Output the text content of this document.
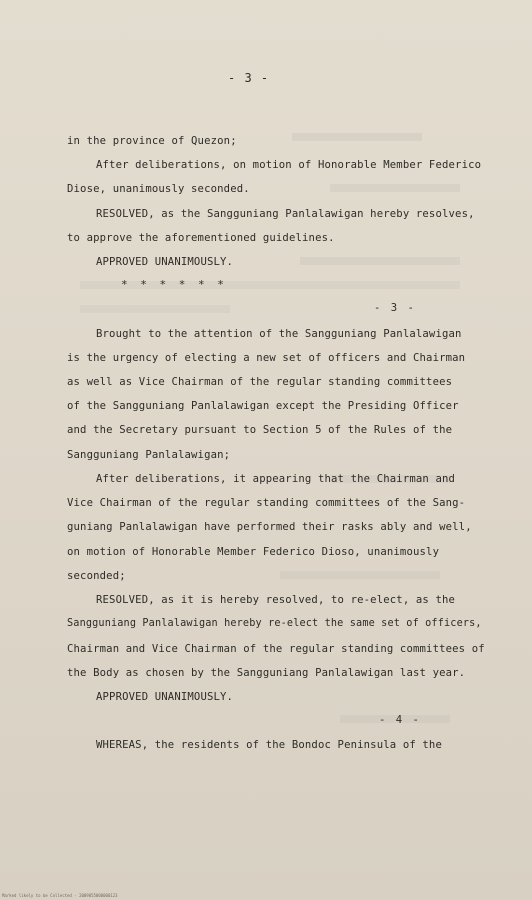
- 3 -
in the province of Quezon;
After deliberations, on motion of Honorable Member Federico
Diose, unanimously seconded.
RESOLVED, as the Sangguniang Panlalawigan hereby resolves,
to approve the aforementioned guidelines.
APPROVED UNANIMOUSLY.
* * * * * *
- 3 -
Brought to the attention of the Sangguniang Panlalawigan
is the urgency of electing a new set of officers and Chairman
as well as Vice Chairman of the regular standing committees
of the Sangguniang Panlalawigan except the Presiding Officer
and the Secretary pursuant to Section 5 of the Rules of the
Sangguniang Panlalawigan;
After deliberations, it appearing that the Chairman and
Vice Chairman of the regular standing committees of the Sang-
guniang Panlalawigan have performed their rasks ably and well,
on motion of Honorable Member Federico Dioso, unanimously
seconded;
RESOLVED, as it is hereby resolved, to re-elect, as the
Sangguniang Panlalawigan hereby re-elect the same set of officers,
Chairman and Vice Chairman of the regular standing committees of
the Body as chosen by the Sangguniang Panlalawigan last year.
APPROVED UNANIMOUSLY.
- 4 -
WHEREAS, the residents of the Bondoc Peninsula of the
Marked likely to be Collected - 2009055000000123
